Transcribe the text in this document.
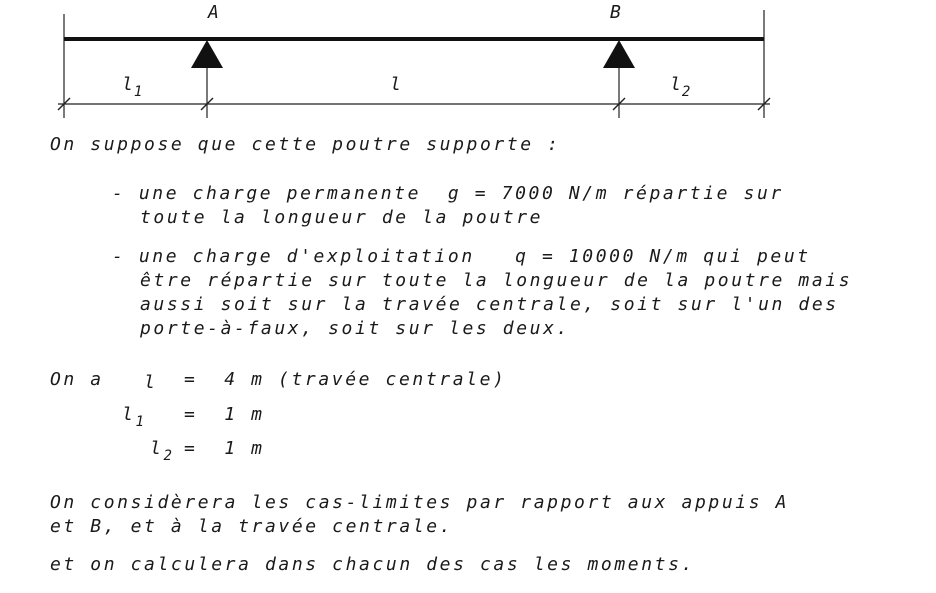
A	B
$l_1$	l	$l_2$
On suppose que cette poutre supporte :
- une charge permanente  g = 7000 N/m répartie sur
toute la longueur de la poutre
- une charge d'exploitation   q = 10000 N/m qui peut
être répartie sur toute la longueur de la poutre mais
aussi soit sur la travée centrale, soit sur l'un des
porte-à-faux, soit sur les deux.
On a l =  4 m (travée centrale)
$l_1 = 1$ m
$l_2 = 1$ m
On considèrera les cas-limites par rapport aux appuis A
et B, et à la travée centrale.
et on calculera dans chacun des cas les moments.
